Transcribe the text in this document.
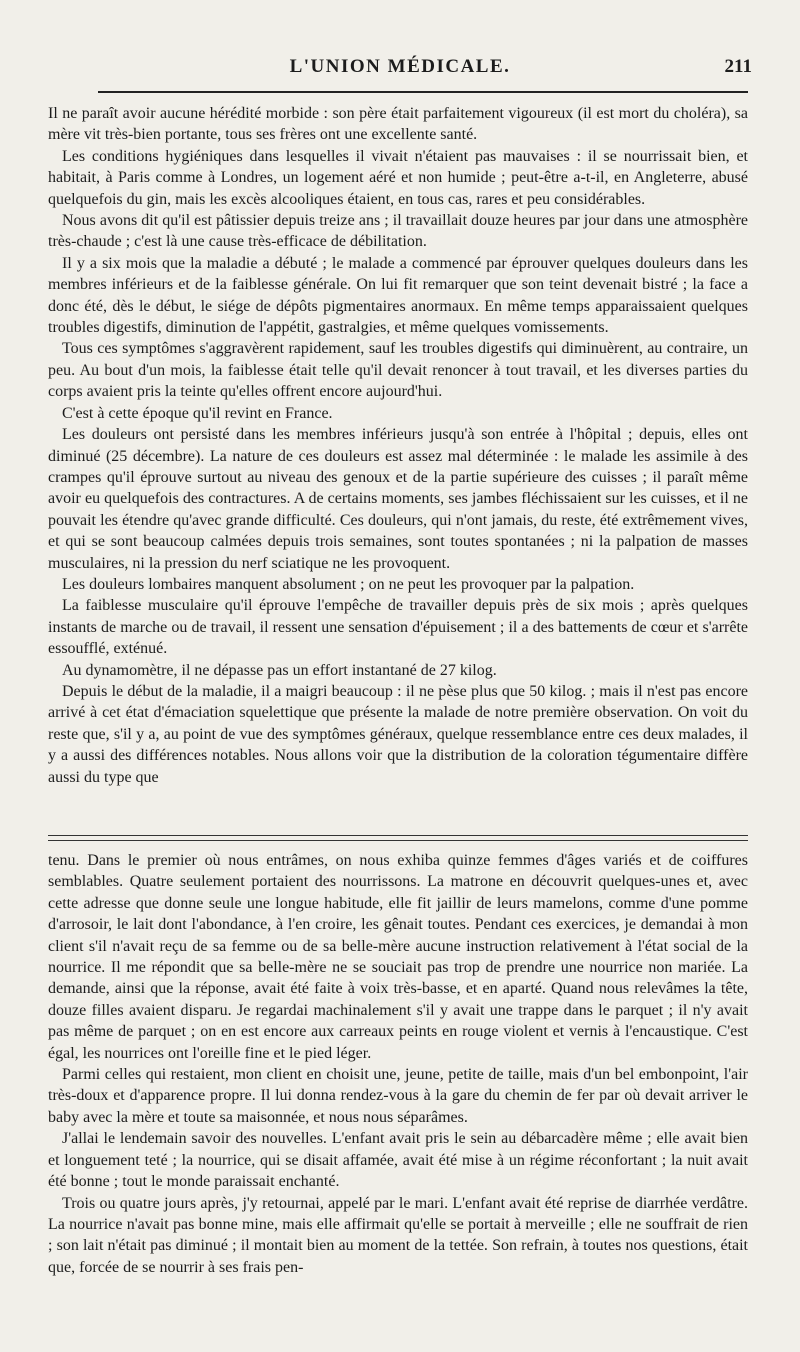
L'UNION MÉDICALE.	211

Il ne paraît avoir aucune hérédité morbide : son père était parfaitement vigoureux (il est mort du choléra), sa mère vit très-bien portante, tous ses frères ont une excellente santé.

Les conditions hygiéniques dans lesquelles il vivait n'étaient pas mauvaises : il se nourrissait bien, et habitait, à Paris comme à Londres, un logement aéré et non humide ; peut-être a-t-il, en Angleterre, abusé quelquefois du gin, mais les excès alcooliques étaient, en tous cas, rares et peu considérables.

Nous avons dit qu'il est pâtissier depuis treize ans ; il travaillait douze heures par jour dans une atmosphère très-chaude ; c'est là une cause très-efficace de débilitation.

Il y a six mois que la maladie a débuté ; le malade a commencé par éprouver quelques douleurs dans les membres inférieurs et de la faiblesse générale. On lui fit remarquer que son teint devenait bistré ; la face a donc été, dès le début, le siége de dépôts pigmentaires anormaux. En même temps apparaissaient quelques troubles digestifs, diminution de l'appétit, gastralgies, et même quelques vomissements.

Tous ces symptômes s'aggravèrent rapidement, sauf les troubles digestifs qui diminuèrent, au contraire, un peu. Au bout d'un mois, la faiblesse était telle qu'il devait renoncer à tout travail, et les diverses parties du corps avaient pris la teinte qu'elles offrent encore aujourd'hui.

C'est à cette époque qu'il revint en France.

Les douleurs ont persisté dans les membres inférieurs jusqu'à son entrée à l'hôpital ; depuis, elles ont diminué (25 décembre). La nature de ces douleurs est assez mal déterminée : le malade les assimile à des crampes qu'il éprouve surtout au niveau des genoux et de la partie supérieure des cuisses ; il paraît même avoir eu quelquefois des contractures. A de certains moments, ses jambes fléchissaient sur les cuisses, et il ne pouvait les étendre qu'avec grande difficulté. Ces douleurs, qui n'ont jamais, du reste, été extrêmement vives, et qui se sont beaucoup calmées depuis trois semaines, sont toutes spontanées ; ni la palpation de masses musculaires, ni la pression du nerf sciatique ne les provoquent.

Les douleurs lombaires manquent absolument ; on ne peut les provoquer par la palpation.

La faiblesse musculaire qu'il éprouve l'empêche de travailler depuis près de six mois ; après quelques instants de marche ou de travail, il ressent une sensation d'épuisement ; il a des battements de cœur et s'arrête essoufflé, exténué.

Au dynamomètre, il ne dépasse pas un effort instantané de 27 kilog.

Depuis le début de la maladie, il a maigri beaucoup : il ne pèse plus que 50 kilog. ; mais il n'est pas encore arrivé à cet état d'émaciation squelettique que présente la malade de notre première observation. On voit du reste que, s'il y a, au point de vue des symptômes généraux, quelque ressemblance entre ces deux malades, il y a aussi des différences notables. Nous allons voir que la distribution de la coloration tégumentaire diffère aussi du type que

tenu. Dans le premier où nous entrâmes, on nous exhiba quinze femmes d'âges variés et de coiffures semblables. Quatre seulement portaient des nourrissons. La matrone en découvrit quelques-unes et, avec cette adresse que donne seule une longue habitude, elle fit jaillir de leurs mamelons, comme d'une pomme d'arrosoir, le lait dont l'abondance, à l'en croire, les gênait toutes. Pendant ces exercices, je demandai à mon client s'il n'avait reçu de sa femme ou de sa belle-mère aucune instruction relativement à l'état social de la nourrice. Il me répondit que sa belle-mère ne se souciait pas trop de prendre une nourrice non mariée. La demande, ainsi que la réponse, avait été faite à voix très-basse, et en aparté. Quand nous relevâmes la tête, douze filles avaient disparu. Je regardai machinalement s'il y avait une trappe dans le parquet ; il n'y avait pas même de parquet ; on en est encore aux carreaux peints en rouge violent et vernis à l'encaustique. C'est égal, les nourrices ont l'oreille fine et le pied léger.

Parmi celles qui restaient, mon client en choisit une, jeune, petite de taille, mais d'un bel embonpoint, l'air très-doux et d'apparence propre. Il lui donna rendez-vous à la gare du chemin de fer par où devait arriver le baby avec la mère et toute sa maisonnée, et nous nous séparâmes.

J'allai le lendemain savoir des nouvelles. L'enfant avait pris le sein au débarcadère même ; elle avait bien et longuement teté ; la nourrice, qui se disait affamée, avait été mise à un régime réconfortant ; la nuit avait été bonne ; tout le monde paraissait enchanté.

Trois ou quatre jours après, j'y retournai, appelé par le mari. L'enfant avait été reprise de diarrhée verdâtre. La nourrice n'avait pas bonne mine, mais elle affirmait qu'elle se portait à merveille ; elle ne souffrait de rien ; son lait n'était pas diminué ; il montait bien au moment de la tettée. Son refrain, à toutes nos questions, était que, forcée de se nourrir à ses frais pen-
